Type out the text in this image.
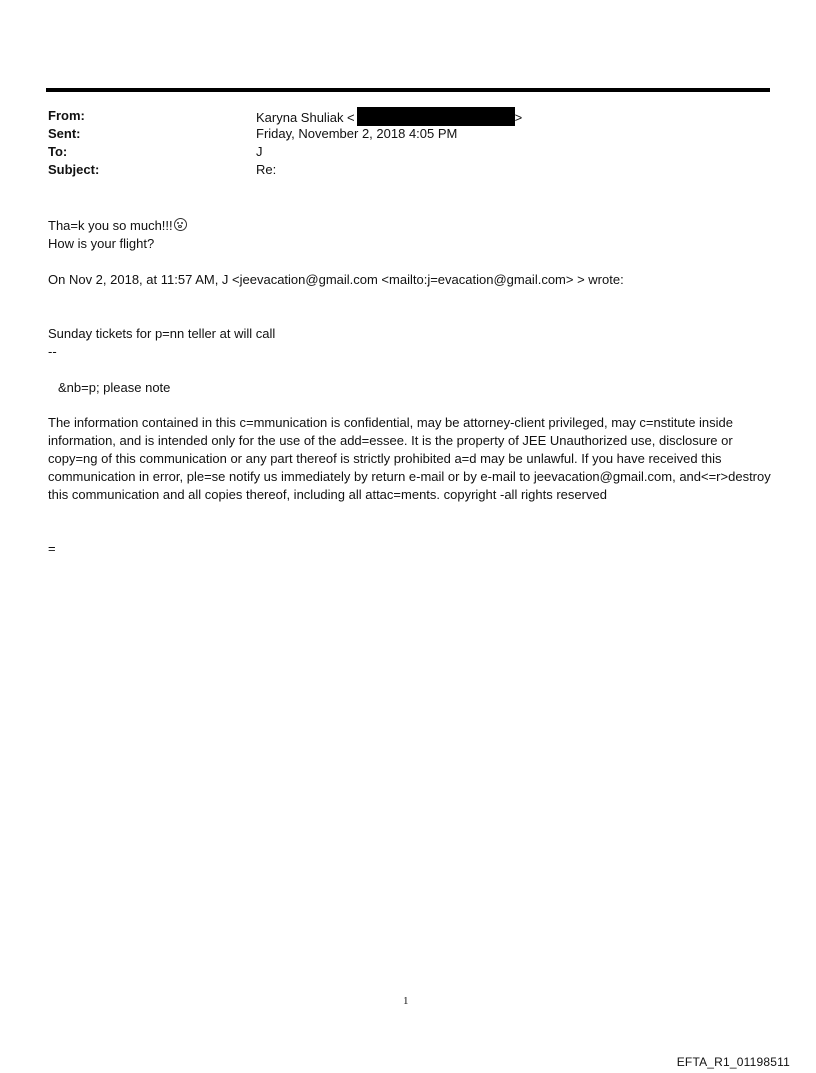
From:	Karyna Shuliak <	>
Sent:	Friday, November 2, 2018 4:05 PM
To:	J
Subject:	Re:
Tha=k you so much!!!
How is your flight?
On Nov 2, 2018, at 11:57 AM, J <jeevacation@gmail.com <mailto:j=evacation@gmail.com> > wrote:
Sunday tickets for p=nn teller at will call
--
&nb=p; please note
The information contained in this c=mmunication is confidential, may be attorney-client privileged, may c=nstitute inside information, and is intended only for the use of the add=essee. It is the property of JEE Unauthorized use, disclosure or copy=ng of this communication or any part thereof is strictly prohibited a=d may be unlawful. If you have received this communication in error, ple=se notify us immediately by return e-mail or by e-mail to jeevacation@gmail.com, and<=r>destroy this communication and all copies thereof, including all attac=ments. copyright -all rights reserved
=
1
EFTA_R1_01198511
